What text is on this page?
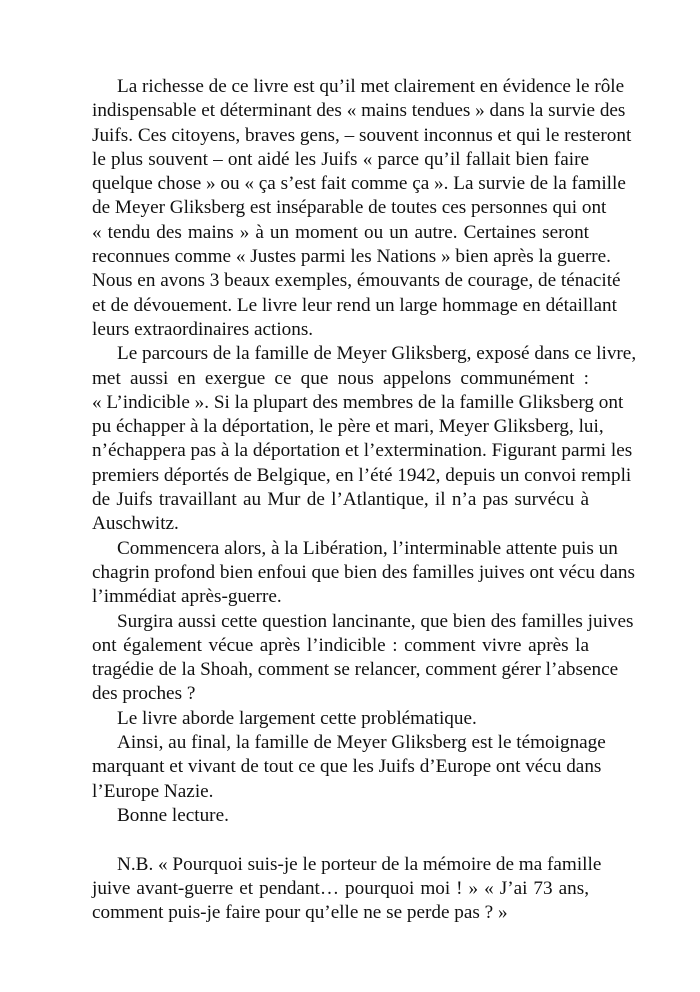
La richesse de ce livre est qu’il met clairement en évidence le rôle
indispensable et déterminant des « mains tendues » dans la survie des
Juifs. Ces citoyens, braves gens, – souvent inconnus et qui le resteront
le plus souvent – ont aidé les Juifs « parce qu’il fallait bien faire
quelque chose » ou « ça s’est fait comme ça ». La survie de la famille
de Meyer Gliksberg est inséparable de toutes ces personnes qui ont
« tendu des mains » à un moment ou un autre. Certaines seront
reconnues comme « Justes parmi les Nations » bien après la guerre.
Nous en avons 3 beaux exemples, émouvants de courage, de ténacité
et de dévouement. Le livre leur rend un large hommage en détaillant
leurs extraordinaires actions.
Le parcours de la famille de Meyer Gliksberg, exposé dans ce livre,
met aussi en exergue ce que nous appelons communément :
« L’indicible ». Si la plupart des membres de la famille Gliksberg ont
pu échapper à la déportation, le père et mari, Meyer Gliksberg, lui,
n’échappera pas à la déportation et l’extermination. Figurant parmi les
premiers déportés de Belgique, en l’été 1942, depuis un convoi rempli
de Juifs travaillant au Mur de l’Atlantique, il n’a pas survécu à
Auschwitz.
Commencera alors, à la Libération, l’interminable attente puis un
chagrin profond bien enfoui que bien des familles juives ont vécu dans
l’immédiat après-guerre.
Surgira aussi cette question lancinante, que bien des familles juives
ont également vécue après l’indicible : comment vivre après la
tragédie de la Shoah, comment se relancer, comment gérer l’absence
des proches ?
Le livre aborde largement cette problématique.
Ainsi, au final, la famille de Meyer Gliksberg est le témoignage
marquant et vivant de tout ce que les Juifs d’Europe ont vécu dans
l’Europe Nazie.
Bonne lecture.
N.B. « Pourquoi suis-je le porteur de la mémoire de ma famille
juive avant-guerre et pendant… pourquoi moi ! » « J’ai 73 ans,
comment puis-je faire pour qu’elle ne se perde pas ? »
